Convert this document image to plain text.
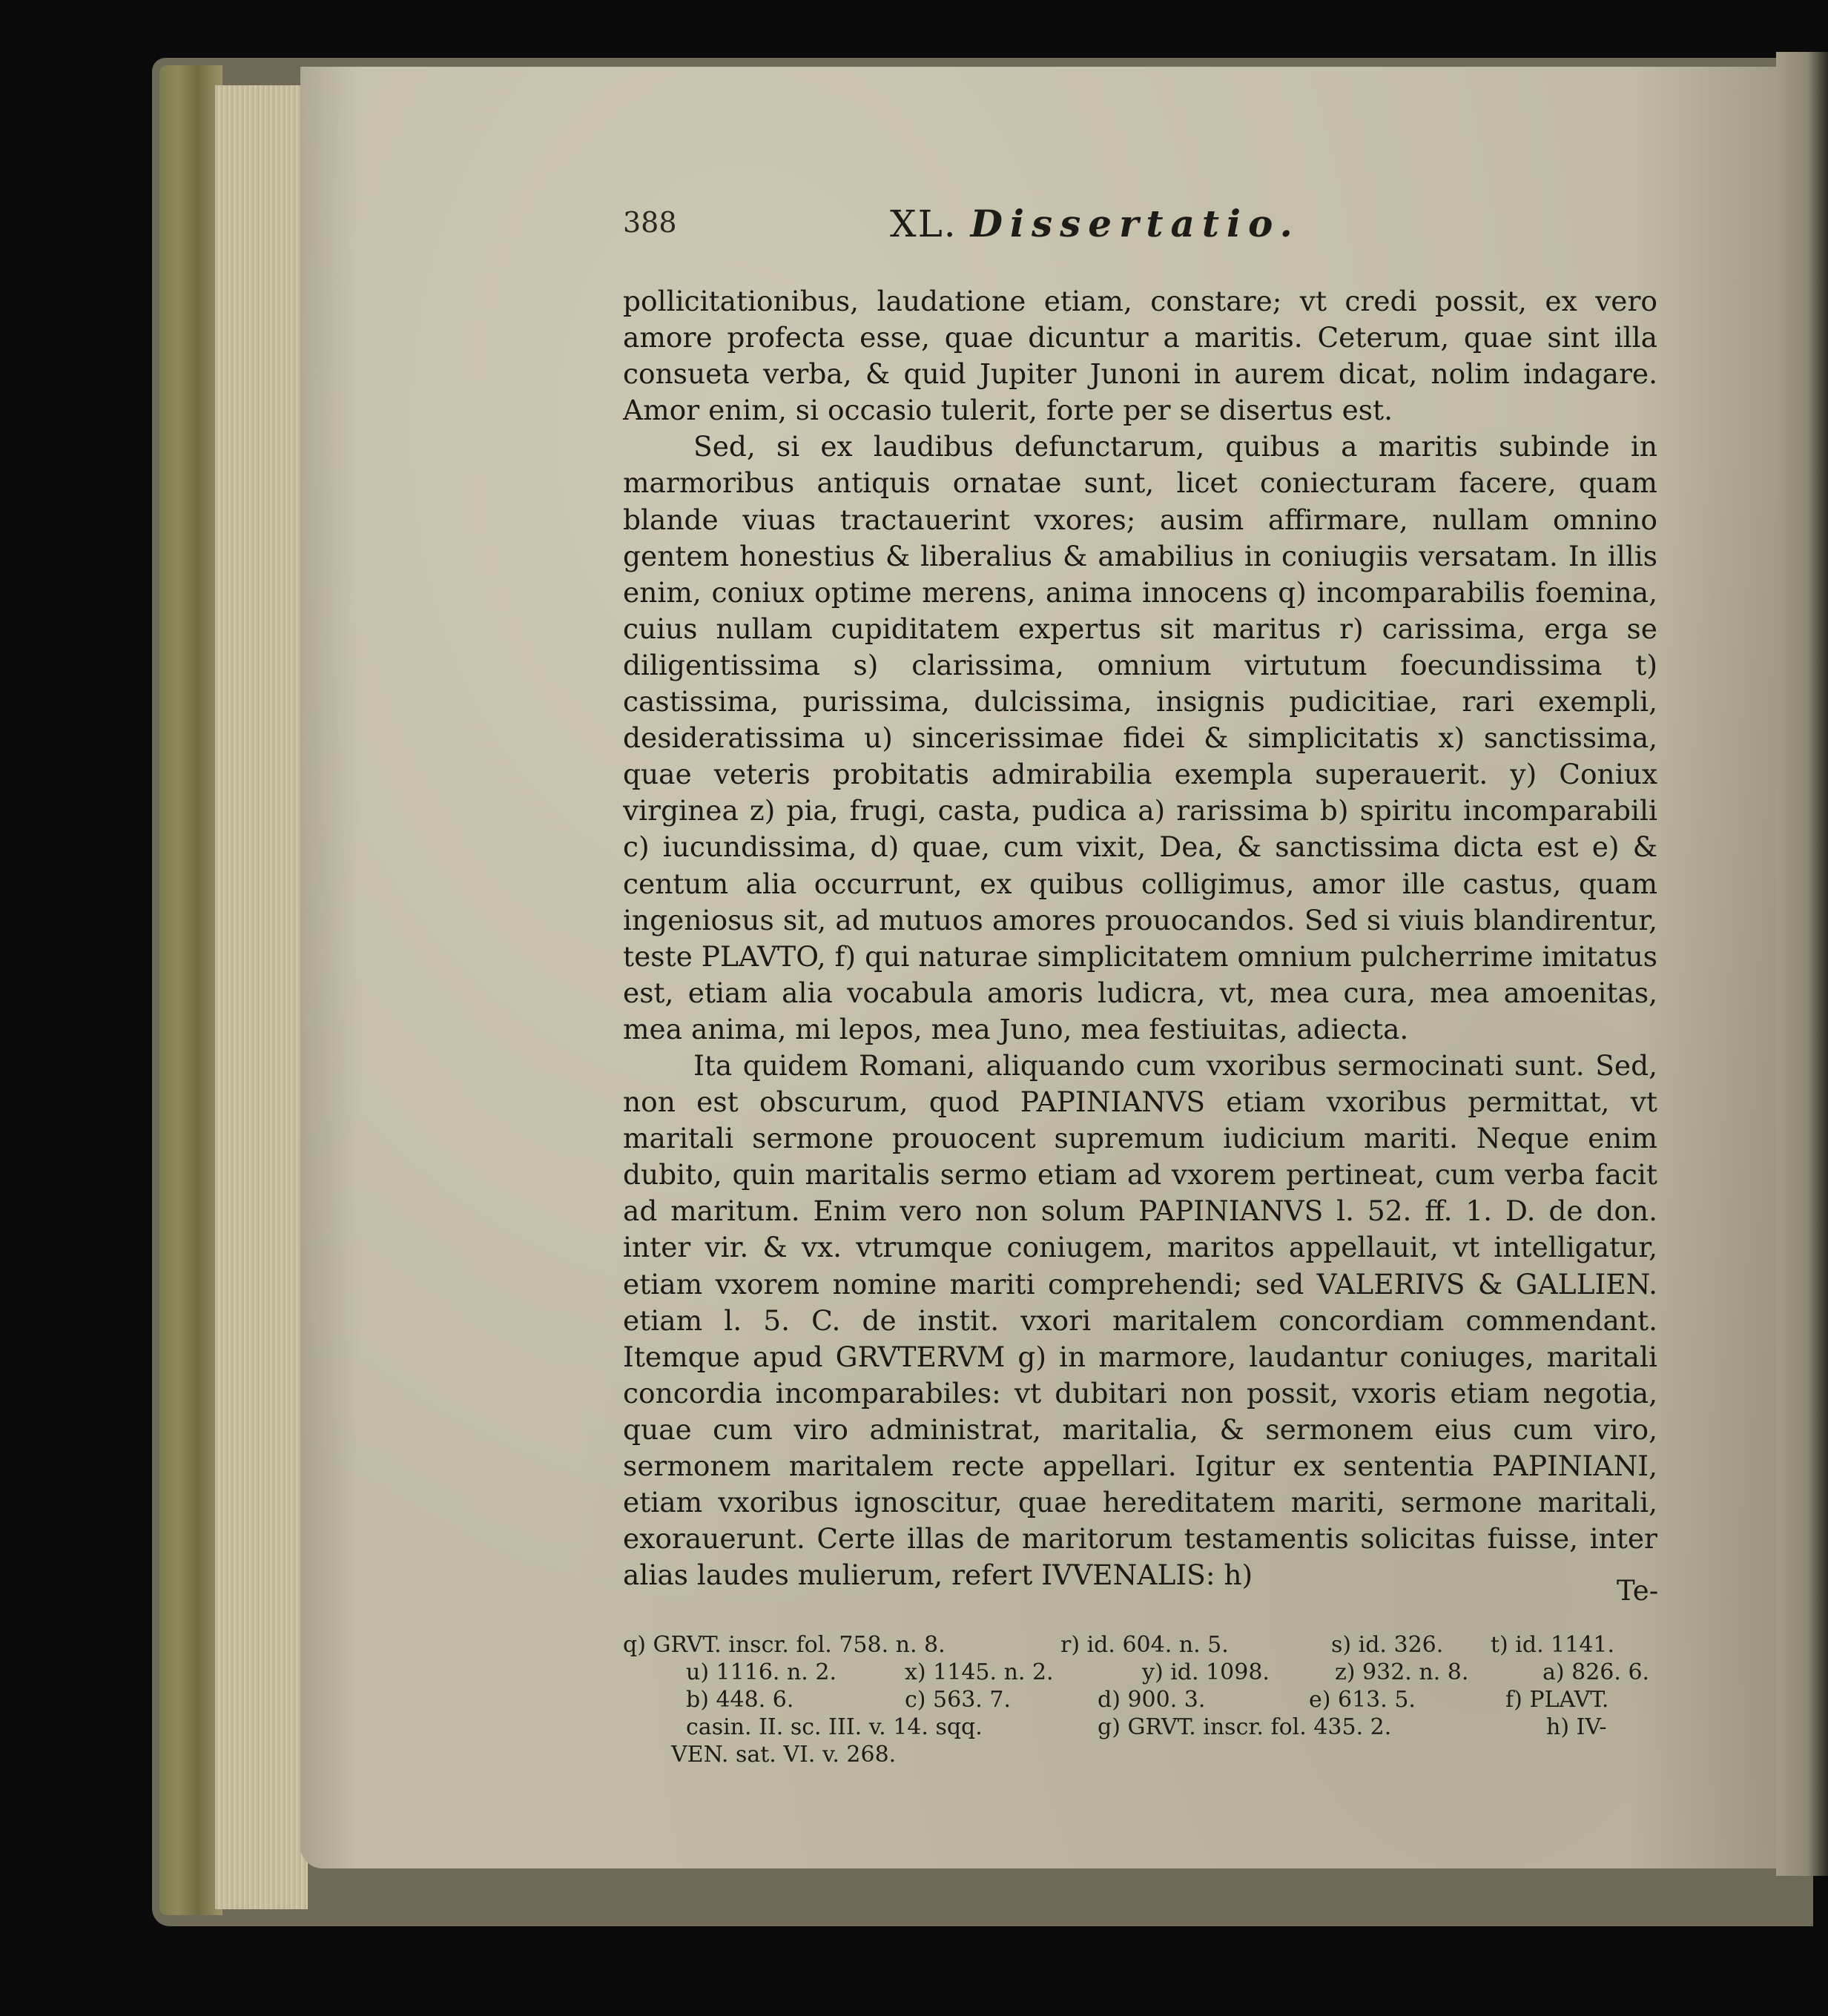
388	XL. Dissertatio.

pollicitationibus, laudatione etiam, constare; vt credi possit, ex vero amore profecta esse, quae dicuntur a maritis. Ceterum, quae sint illa consueta verba, & quid Jupiter Junoni in aurem dicat, nolim indagare. Amor enim, si occasio tulerit, forte per se disertus est.

Sed, si ex laudibus defunctarum, quibus a maritis subinde in marmoribus antiquis ornatae sunt, licet coniecturam facere, quam blande viuas tractauerint vxores; ausim affirmare, nullam omnino gentem honestius & liberalius & amabilius in coniugiis versatam. In illis enim, coniux optime merens, anima innocens q) incomparabilis foemina, cuius nullam cupiditatem expertus sit maritus r) carissima, erga se diligentissima s) clarissima, omnium virtutum foecundissima t) castissima, purissima, dulcissima, insignis pudicitiae, rari exempli, desideratissima u) sincerissimae fidei & simplicitatis x) sanctissima, quae veteris probitatis admirabilia exempla superauerit. y) Coniux virginea z) pia, frugi, casta, pudica a) rarissima b) spiritu incomparabili c) iucundissima, d) quae, cum vixit, Dea, & sanctissima dicta est e) & centum alia occurrunt, ex quibus colligimus, amor ille castus, quam ingeniosus sit, ad mutuos amores prouocandos. Sed si viuis blandirentur, teste PLAVTO, f) qui naturae simplicitatem omnium pulcherrime imitatus est, etiam alia vocabula amoris ludicra, vt, mea cura, mea amoenitas, mea anima, mi lepos, mea Juno, mea festiuitas, adiecta.

Ita quidem Romani, aliquando cum vxoribus sermocinati sunt. Sed, non est obscurum, quod PAPINIANVS etiam vxoribus permittat, vt maritali sermone prouocent supremum iudicium mariti. Neque enim dubito, quin maritalis sermo etiam ad vxorem pertineat, cum verba facit ad maritum. Enim vero non solum PAPINIANVS l. 52. ff. 1. D. de don. inter vir. & vx. vtrumque coniugem, maritos appellauit, vt intelligatur, etiam vxorem nomine mariti comprehendi; sed VALERIVS & GALLIEN. etiam l. 5. C. de instit. vxori maritalem concordiam commendant. Itemque apud GRVTERVM g) in marmore, laudantur coniuges, maritali concordia incomparabiles: vt dubitari non possit, vxoris etiam negotia, quae cum viro administrat, maritalia, & sermonem eius cum viro, sermonem maritalem recte appellari. Igitur ex sententia PAPINIANI, etiam vxoribus ignoscitur, quae hereditatem mariti, sermone maritali, exorauerunt. Certe illas de maritorum testamentis solicitas fuisse, inter alias laudes mulierum, refert IVVENALIS: h)	Te-
q) GRVT. inscr. fol. 758. n. 8.	r) id. 604. n. 5.	s) id. 326. t) id. 1141.
u) 1116. n. 2.	x) 1145. n. 2.	y) id. 1098.	z) 932. n. 8.	a) 826. 6.
b) 448. 6.	c) 563. 7.	d) 900. 3.	e) 613. 5.	f) PLAVT.
casin. II. sc. III. v. 14. sqq.	g) GRVT. inscr. fol. 435. 2.	h) IV-
VEN. sat. VI. v. 268.
